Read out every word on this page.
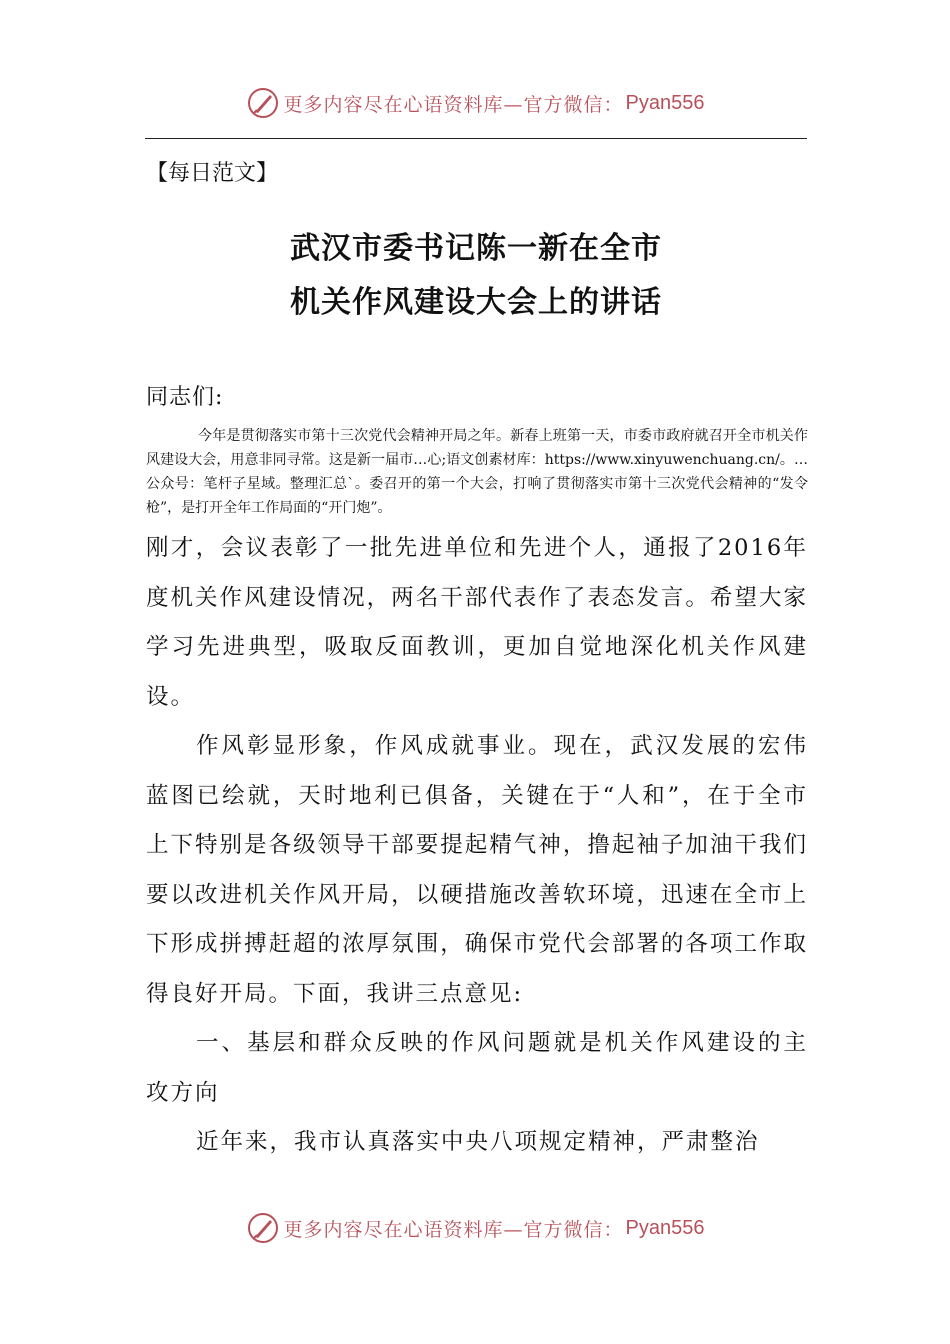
更多内容尽在心语资料库—官方微信： Pyan556
【每日范文】
武汉市委书记陈一新在全市
机关作风建设大会上的讲话
同志们:
今年是贯彻落实市第十三次党代会精神开局之年。新春上班第一天，市委市政府就召开全市机关作风建设大会，用意非同寻常。这是新一届市…心;语文创素材库：https://www.xinyuwenchuang.cn/。…公众号：笔杆子星域。整理汇总`。委召开的第一个大会，打响了贯彻落实市第十三次党代会精神的“发令枪”，是打开全年工作局面的“开门炮”。

刚才，会议表彰了一批先进单位和先进个人，通报了2016年度机关作风建设情况，两名干部代表作了表态发言。希望大家学习先进典型，吸取反面教训，更加自觉地深化机关作风建设。

作风彰显形象，作风成就事业。现在，武汉发展的宏伟蓝图已绘就，天时地利已俱备，关键在于“人和”，在于全市上下特别是各级领导干部要提起精气神，撸起袖子加油干我们要以改进机关作风开局，以硬措施改善软环境，迅速在全市上下形成拼搏赶超的浓厚氛围，确保市党代会部署的各项工作取得良好开局。下面，我讲三点意见:

一、基层和群众反映的作风问题就是机关作风建设的主攻方向

近年来，我市认真落实中央八项规定精神，严肃整治

更多内容尽在心语资料库—官方微信： Pyan556
